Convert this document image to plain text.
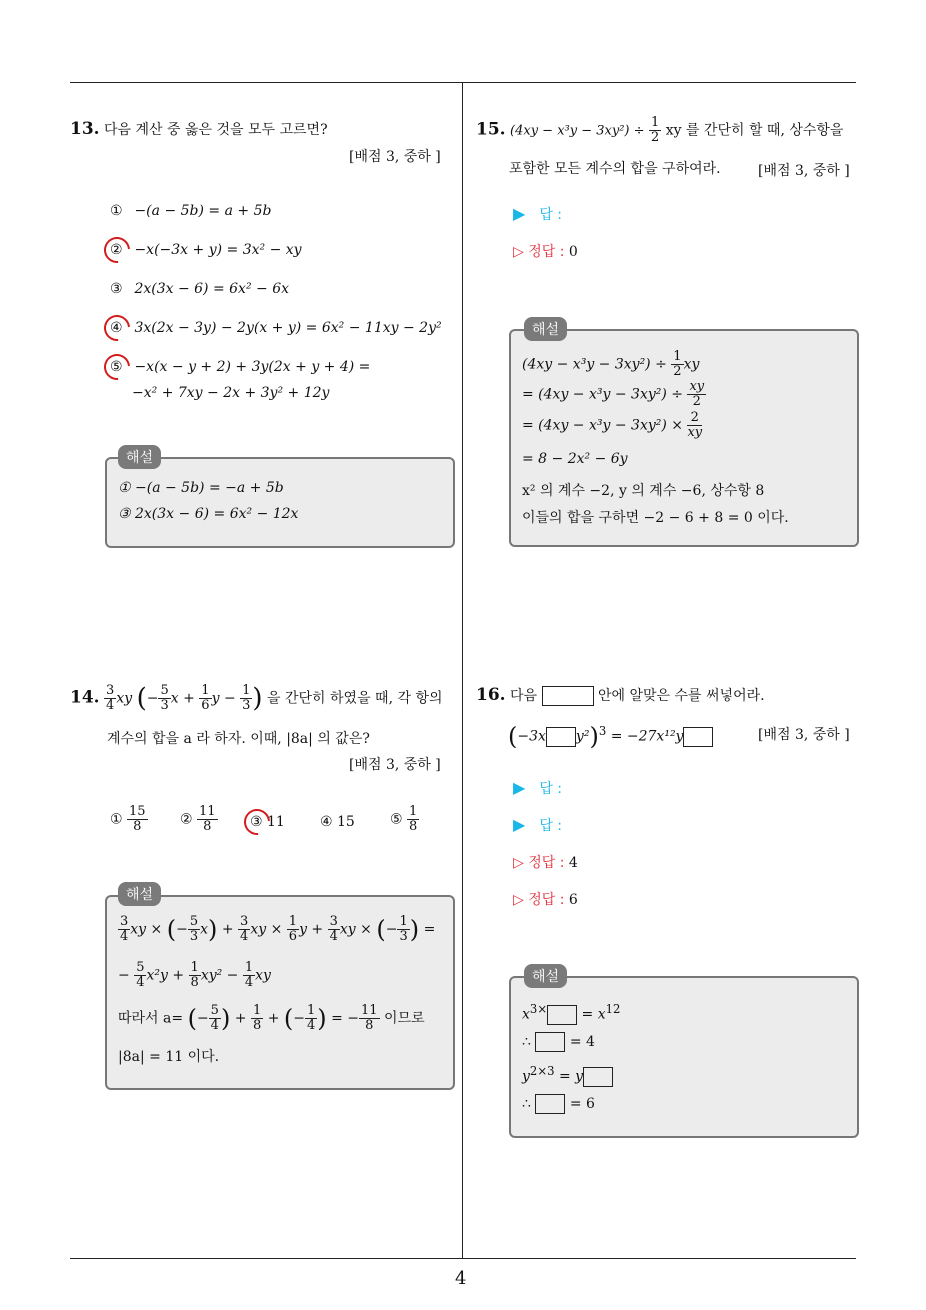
13. 다음 계산 중 옳은 것을 모두 고르면?
[배점 3, 중하 ]
① −(a − 5b) = a + 5b
② −x(−3x + y) = 3x² − xy
③ 2x(3x − 6) = 6x² − 6x
④ 3x(2x − 3y) − 2y(x + y) = 6x² − 11xy − 2y²
⑤ −x(x − y + 2) + 3y(2x + y + 4) =
−x² + 7xy − 2x + 3y² + 12y
해설
① −(a − 5b) = −a + 5b
③ 2x(3x − 6) = 6x² − 12x
14. $\frac{3}{4}$ xy (− $\frac{5}{3}$ $x + \frac{1}{6}$ $y - \frac{1}{3}$ ) 을 간단히 하였을 때, 각 항의
계수의 합을 a 라 하자. 이때, |8a| 의 값은?
[배점 3, 중하 ]
① $\frac{15}{8}$ ② $\frac{11}{8}$ ③ 11	④ 15	⑤ $\frac{1}{8}$
해설
$\frac{3}{4}$ xy × (− $\frac{5}{3} x) + \frac{3}{4}$ xy × $\frac{1}{6}$ $y + \frac{3}{4}$ xy × (− $\frac{1}{3}$ ) =
− $\frac{5}{4} x^2y + \frac{1}{8} xy^2 - \frac{1}{4}$ xy
따라서 a= (− $\frac{5}{4}$ ) + $\frac{1}{8}$ + (− $\frac{1}{4}$ ) = − $\frac{11}{8}$ 이므로
|8a| = 11 이다.
15. $(4xy - x^3y - 3xy^2) \div \frac{1}{2}$ xy 를 간단히 할 때, 상수항을
포함한 모든 계수의 합을 구하여라.	[배점 3, 중하 ]
▶ 답 :
▷ 정답 : 0
해설
$(4xy - x^3y - 3xy^2) \div \frac{1}{2}$ xy
= $(4xy - x^3y - 3xy^2) \div \frac{xy}{2}$
= $(4xy - x^3y - 3xy^2) \times \frac{2}{xy}$
= 8 − 2x² − 6y
x² 의 계수 −2, y 의 계수 −6, 상수항 8
이들의 합을 구하면 −2 − 6 + 8 = 0 이다.
16. 다음	안에 알맞은 수를 써넣어라.
(−3x y²)$^3$ = −27x¹²y	[배점 3, 중하 ]
▶ 답 :
▶ 답 :
▷ 정답 : 4
▷ 정답 : 6
해설
$x^{3\times} = x^{12}$
∴	= 4
$y^{2\times 3} = y$
∴	= 6
4
